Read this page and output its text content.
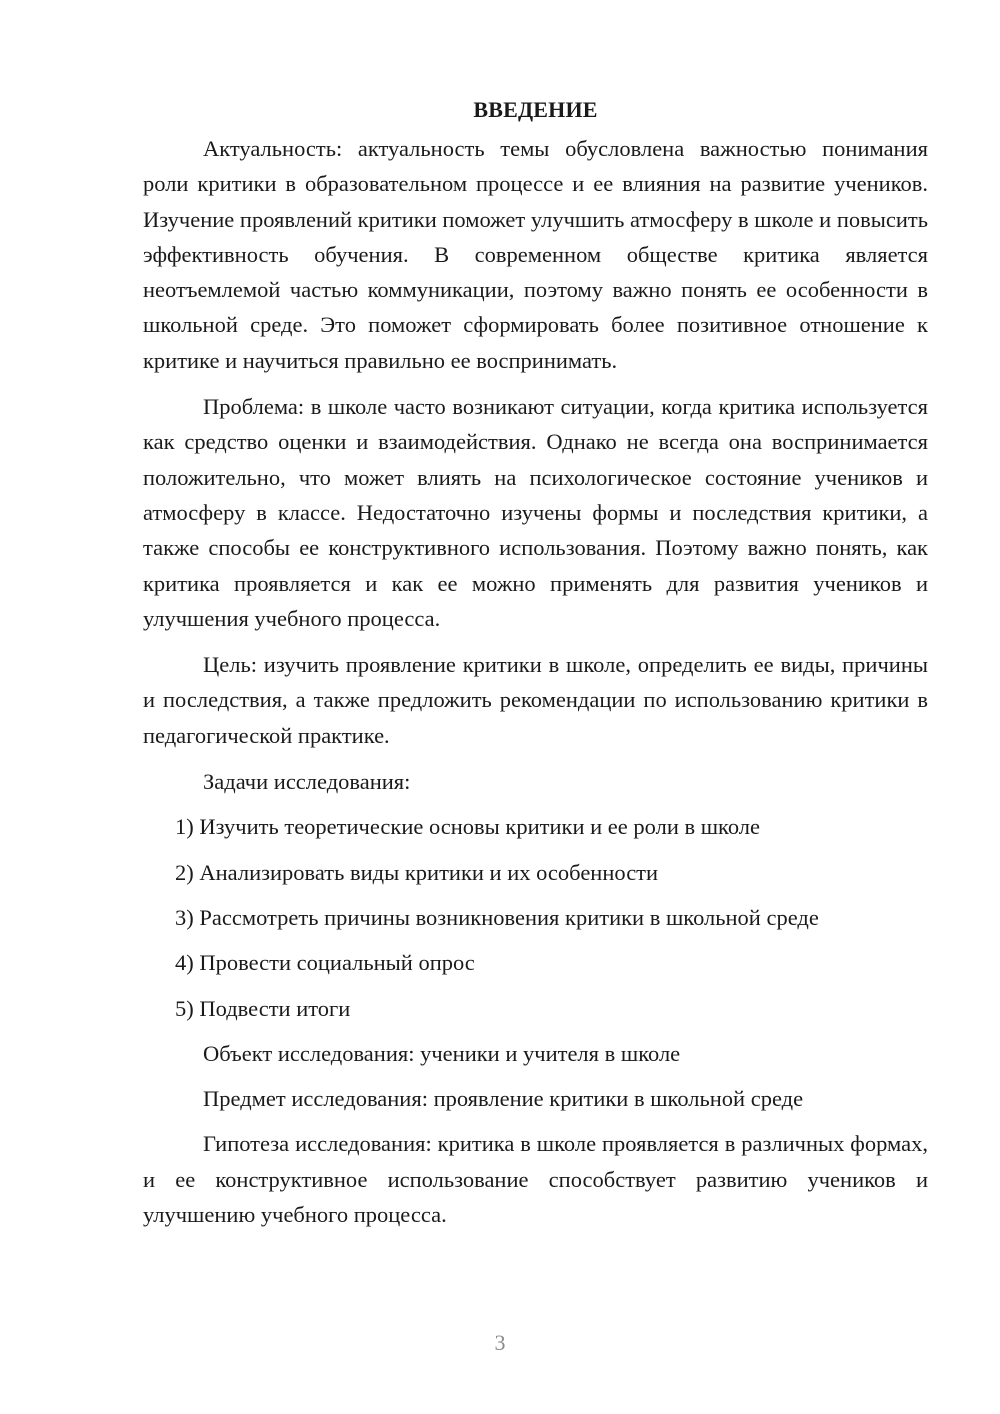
ВВЕДЕНИЕ

Актуальность: актуальность темы обусловлена важностью понимания роли критики в образовательном процессе и ее влияния на развитие учеников. Изучение проявлений критики поможет улучшить атмосферу в школе и повысить эффективность обучения. В современном обществе критика является неотъемлемой частью коммуникации, поэтому важно понять ее особенности в школьной среде. Это поможет сформировать более позитивное отношение к критике и научиться правильно ее воспринимать.

Проблема: в школе часто возникают ситуации, когда критика используется как средство оценки и взаимодействия. Однако не всегда она воспринимается положительно, что может влиять на психологическое состояние учеников и атмосферу в классе. Недостаточно изучены формы и последствия критики, а также способы ее конструктивного использования. Поэтому важно понять, как критика проявляется и как ее можно применять для развития учеников и улучшения учебного процесса.

Цель: изучить проявление критики в школе, определить ее виды, причины и последствия, а также предложить рекомендации по использованию критики в педагогической практике.

Задачи исследования:

1) Изучить теоретические основы критики и ее роли в школе

2) Анализировать виды критики и их особенности

3) Рассмотреть причины возникновения критики в школьной среде

4) Провести социальный опрос

5) Подвести итоги

Объект исследования: ученики и учителя в школе

Предмет исследования: проявление критики в школьной среде

Гипотеза исследования: критика в школе проявляется в различных формах, и ее конструктивное использование способствует развитию учеников и улучшению учебного процесса.

3
